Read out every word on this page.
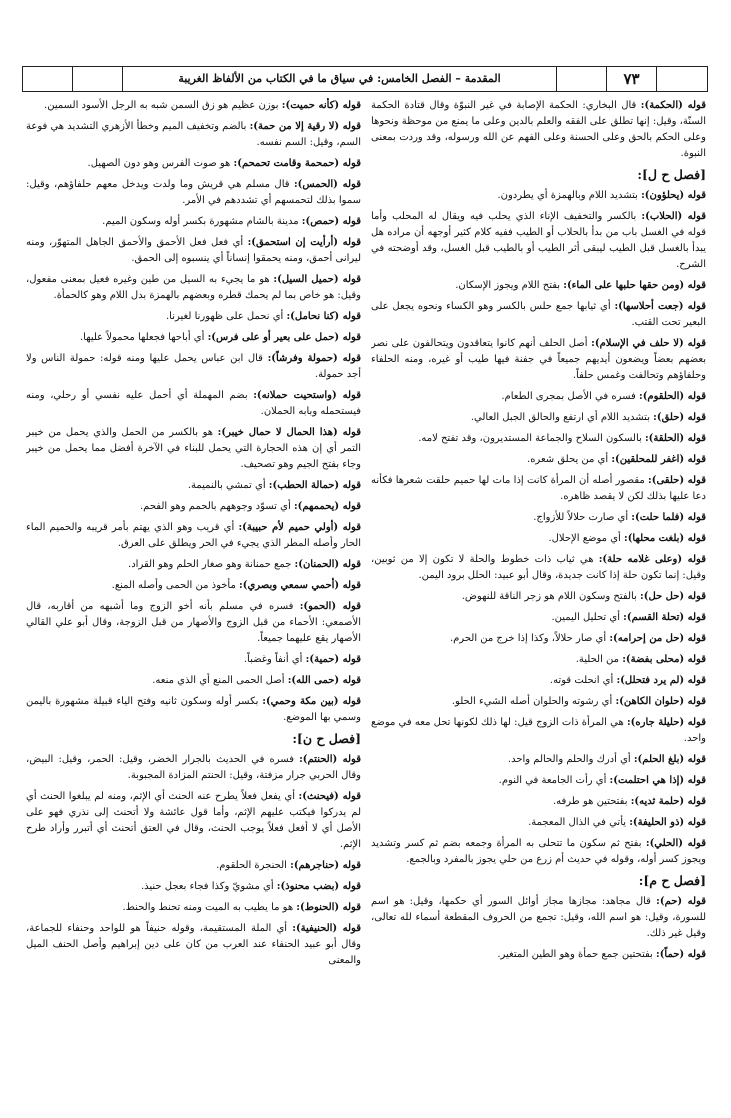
المقدمة – الفصل الخامس: في سياق ما في الكتاب من الألفاظ الغريبة	٧٣
قوله (الحكمة): قال البخاري: الحكمة الإصابة في غير النبوّة وقال قتادة الحكمة السنّة، وقيل: إنها تطلق على الفقه والعلم بالدين وعلى ما يمنع من موحظة ونحوها وعلى الحكم بالحق وعلى الحسنة وعلى الفهم عن الله ورسوله، وقد وردت بمعنى النبوة.
[فصل ح ل]:
قوله (يحلؤون): بتشديد اللام وبالهمزة أي يطردون.
قوله (الحلاب): بالكسر والتخفيف الإناء الذي يحلب فيه ويقال له المحلب وأما قوله في الغسل باب من بدأ بالحلاب أو الطيب ففيه كلام كثير أوجهه أن مراده هل يبدأ بالغسل قبل الطيب ليبقى أثر الطيب أو بالطيب قبل الغسل، وقد أوضحته في الشرح.
قوله (ومن حقها حلبها على الماء): بفتح اللام ويجوز الإسكان.
قوله (جعت أحلاسها): أي ثيابها جمع حلس بالكسر وهو الكساء ونحوه يجعل على البعير تحت القتب.
قوله (لا حلف في الإسلام): أصل الحلف أنهم كانوا يتعاقدون ويتحالفون على نصر بعضهم بعضاً ويضعون أيديهم جميعاً في جفنة فيها طيب أو غيره، ومنه الحلفاء وحلفاؤهم وتحالفت وغمس حلفاً.
قوله (الحلقوم): فسره في الأصل بمجرى الطعام.
قوله (حلق): بتشديد اللام أي ارتفع والحالق الجبل العالي.
قوله (الحلقة): بالسكون السلاح والجماعة المستديرون، وقد تفتح لامه.
قوله (اغفر للمحلقين): أي من يحلق شعره.
قوله (حلقى): مقصور أصله أن المرأة كانت إذا مات لها حميم حلقت شعرها فكأنه دعا عليها بذلك لكن لا يقصد ظاهره.
قوله (فلما حلت): أي صارت حلالاً للأزواج.
قوله (بلغت محلها): أي موضع الإحلال.
قوله (وعلى غلامه حلة): هي ثياب ذات خطوط والحلة لا تكون إلا من ثوبين، وقيل: إنما تكون حلة إذا كانت جديدة، وقال أبو عبيد: الحلل برود اليمن.
قوله (حل حل): بالفتح وسكون اللام هو زجر الناقة للنهوض.
قوله (تحلة القسم): أي تحليل اليمين.
قوله (حل من إحرامه): أي صار حلالاً، وكذا إذا خرج من الحرم.
قوله (محلى بفضة): من الحلية.
قوله (لم يرد فتحلل): أي انحلت قوته.
قوله (حلوان الكاهن): أي رشوته والحلوان أصله الشيء الحلو.
قوله (حليلة جاره): هي المرأة ذات الزوج قيل: لها ذلك لكونها تحل معه في موضع واحد.
قوله (بلغ الحلم): أي أدرك والحلم والحالم واحد.
قوله (إذا هي احتلمت): أي رأت الجامعة في النوم.
قوله (حلمة ثديه): بفتحتين هو طرفه.
قوله (ذو الحليفة): يأتي في الذال المعجمة.
قوله (الحلي): بفتح ثم سكون ما تتحلى به المرأة وجمعه بضم ثم كسر وتشديد ويجوز كسر أوله، وقوله في حديث أم زرع من حلي يجوز بالمفرد وبالجمع.
[فصل ح م]:
قوله (حم): قال مجاهد: مجازها مجاز أوائل السور أي حكمها، وقيل: هو اسم للسورة، وقيل: هو اسم الله، وقيل: تجمع من الحروف المقطعة أسماء لله تعالى، وقيل غير ذلك.
قوله (حماً): بفتحتين جمع حمأة وهو الطين المتغير.
قوله (كأنه حميت): بوزن عظيم هو زق السمن شبه به الرجل الأسود السمين.
قوله (لا رقية إلا من حمة): بالضم وتخفيف الميم وخطأ الأزهري التشديد هي فوعة السم، وقيل: السم نفسه.
قوله (حمحمة وقامت تحمحم): هو صوت الفرس وهو دون الصهيل.
قوله (الحمس): قال مسلم هي قريش وما ولدت ويدخل معهم حلفاؤهم، وقيل: سموا بذلك لتحمسهم أي تشددهم في الأمر.
قوله (حمص): مدينة بالشام مشهورة بكسر أوله وسكون الميم.
قوله (أرأيت إن استحمق): أي فعل فعل الأحمق والأحمق الجاهل المتهوّر، ومنه ليرانى أحمق، ومنه يحمقوا إنساناً أي ينسبوه إلى الحمق.
قوله (حميل السيل): هو ما يجيء به السيل من طين وغيره فعيل بمعنى مفعول، وقيل: هو خاص بما لم يحمك قطره وبعضهم بالهمزة بدل اللام وهو كالحمأة.
قوله (كنا نحامل): أي نحمل على ظهورنا لغيرنا.
قوله (حمل على بعير أو على فرس): أي أباحها فجعلها محمولاً عليها.
قوله (حمولة وفرشاً): قال ابن عباس يحمل عليها ومنه قوله: حمولة الناس ولا أجد حمولة.
قوله (واستحيت حملانه): بضم المهملة أي أحمل عليه نفسي أو رحلي، ومنه فيستحمله وبابه الحملان.
قوله (هذا الحمال لا حمال خيبر): هو بالكسر من الحمل والذي يحمل من خيبر التمر أي إن هذه الحجارة التي يحمل للبناء في الآخرة أفضل مما يحمل من خيبر وجاء بفتح الجيم وهو تصحيف.
قوله (حمالة الحطب): أي تمشي بالنميمة.
قوله (يحممهم): أي تسوّد وجوههم بالحمم وهو الفحم.
قوله (أولي حميم لأم حبيبة): أي قريب وهو الذي يهتم بأمر قريبه والحميم الماء الحار وأصله المطر الذي يجيء في الحر ويطلق على العرق.
قوله (الحمنان): جمع حمنانة وهو صغار الحلم وهو القراد.
قوله (أحمي سمعي وبصري): مأخوذ من الحمى وأصله المنع.
قوله (الحمو): فسره في مسلم بأنه أخو الزوج وما أشبهه من أقاربه، قال الأصمعي: الأحماء من قبل الزوج والأصهار من قبل الزوجة، وقال أبو علي القالي الأصهار يقع عليهما جميعاً.
قوله (حمية): أي أنفاً وغضباً.
قوله (حمى الله): أصل الحمى المنع أي الذي منعه.
قوله (بين مكة وحمي): بكسر أوله وسكون ثانيه وفتح الياء قبيلة مشهورة باليمن وسمي بها الموضع.
[فصل ح ن]:
قوله (الحنتم): فسره في الحديث بالجرار الخضر، وقيل: الحمر، وقيل: البيض، وقال الحربي جرار مزفتة، وقيل: الحنتم المزادة المجبوبة.
قوله (فيحنث): أي يفعل فعلاً يطرح عنه الحنث أي الإثم، ومنه لم يبلغوا الحنث أي لم يدركوا فيكتب عليهم الإثم، وأما قول عائشة ولا أتحنث إلى نذري فهو على الأصل أي لا أفعل فعلاً يوجب الحنث، وقال في العتق أتحنث أي أتبرر وأراد طرح الإثم.
قوله (حناجرهم): الحنجرة الحلقوم.
قوله (بضب محنوذ): أي مشويّ وكذا فجاء بعجل حنيذ.
قوله (الحنوط): هو ما يطيب به الميت ومنه تحنط والحنط.
قوله (الحنيفية): أي الملة المستقيمة، وقوله حنيفاً هو للواحد وحنفاء للجماعة، وقال أبو عبيد الحنفاء عند العرب من كان على دين إبراهيم وأصل الحنف الميل والمعنى
